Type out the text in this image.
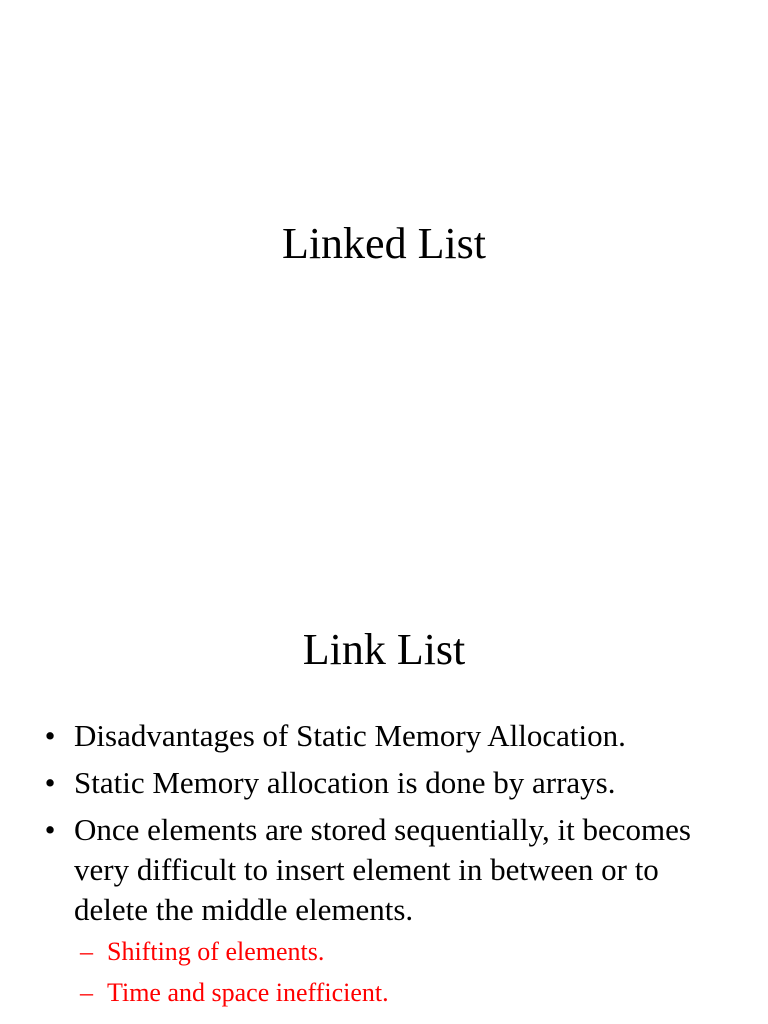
Linked List
Link List
• Disadvantages of Static Memory Allocation.
• Static Memory allocation is done by arrays.
• Once elements are stored sequentially, it becomes very difficult to insert element in between or to delete the middle elements.
– Shifting of elements.
– Time and space inefficient.
